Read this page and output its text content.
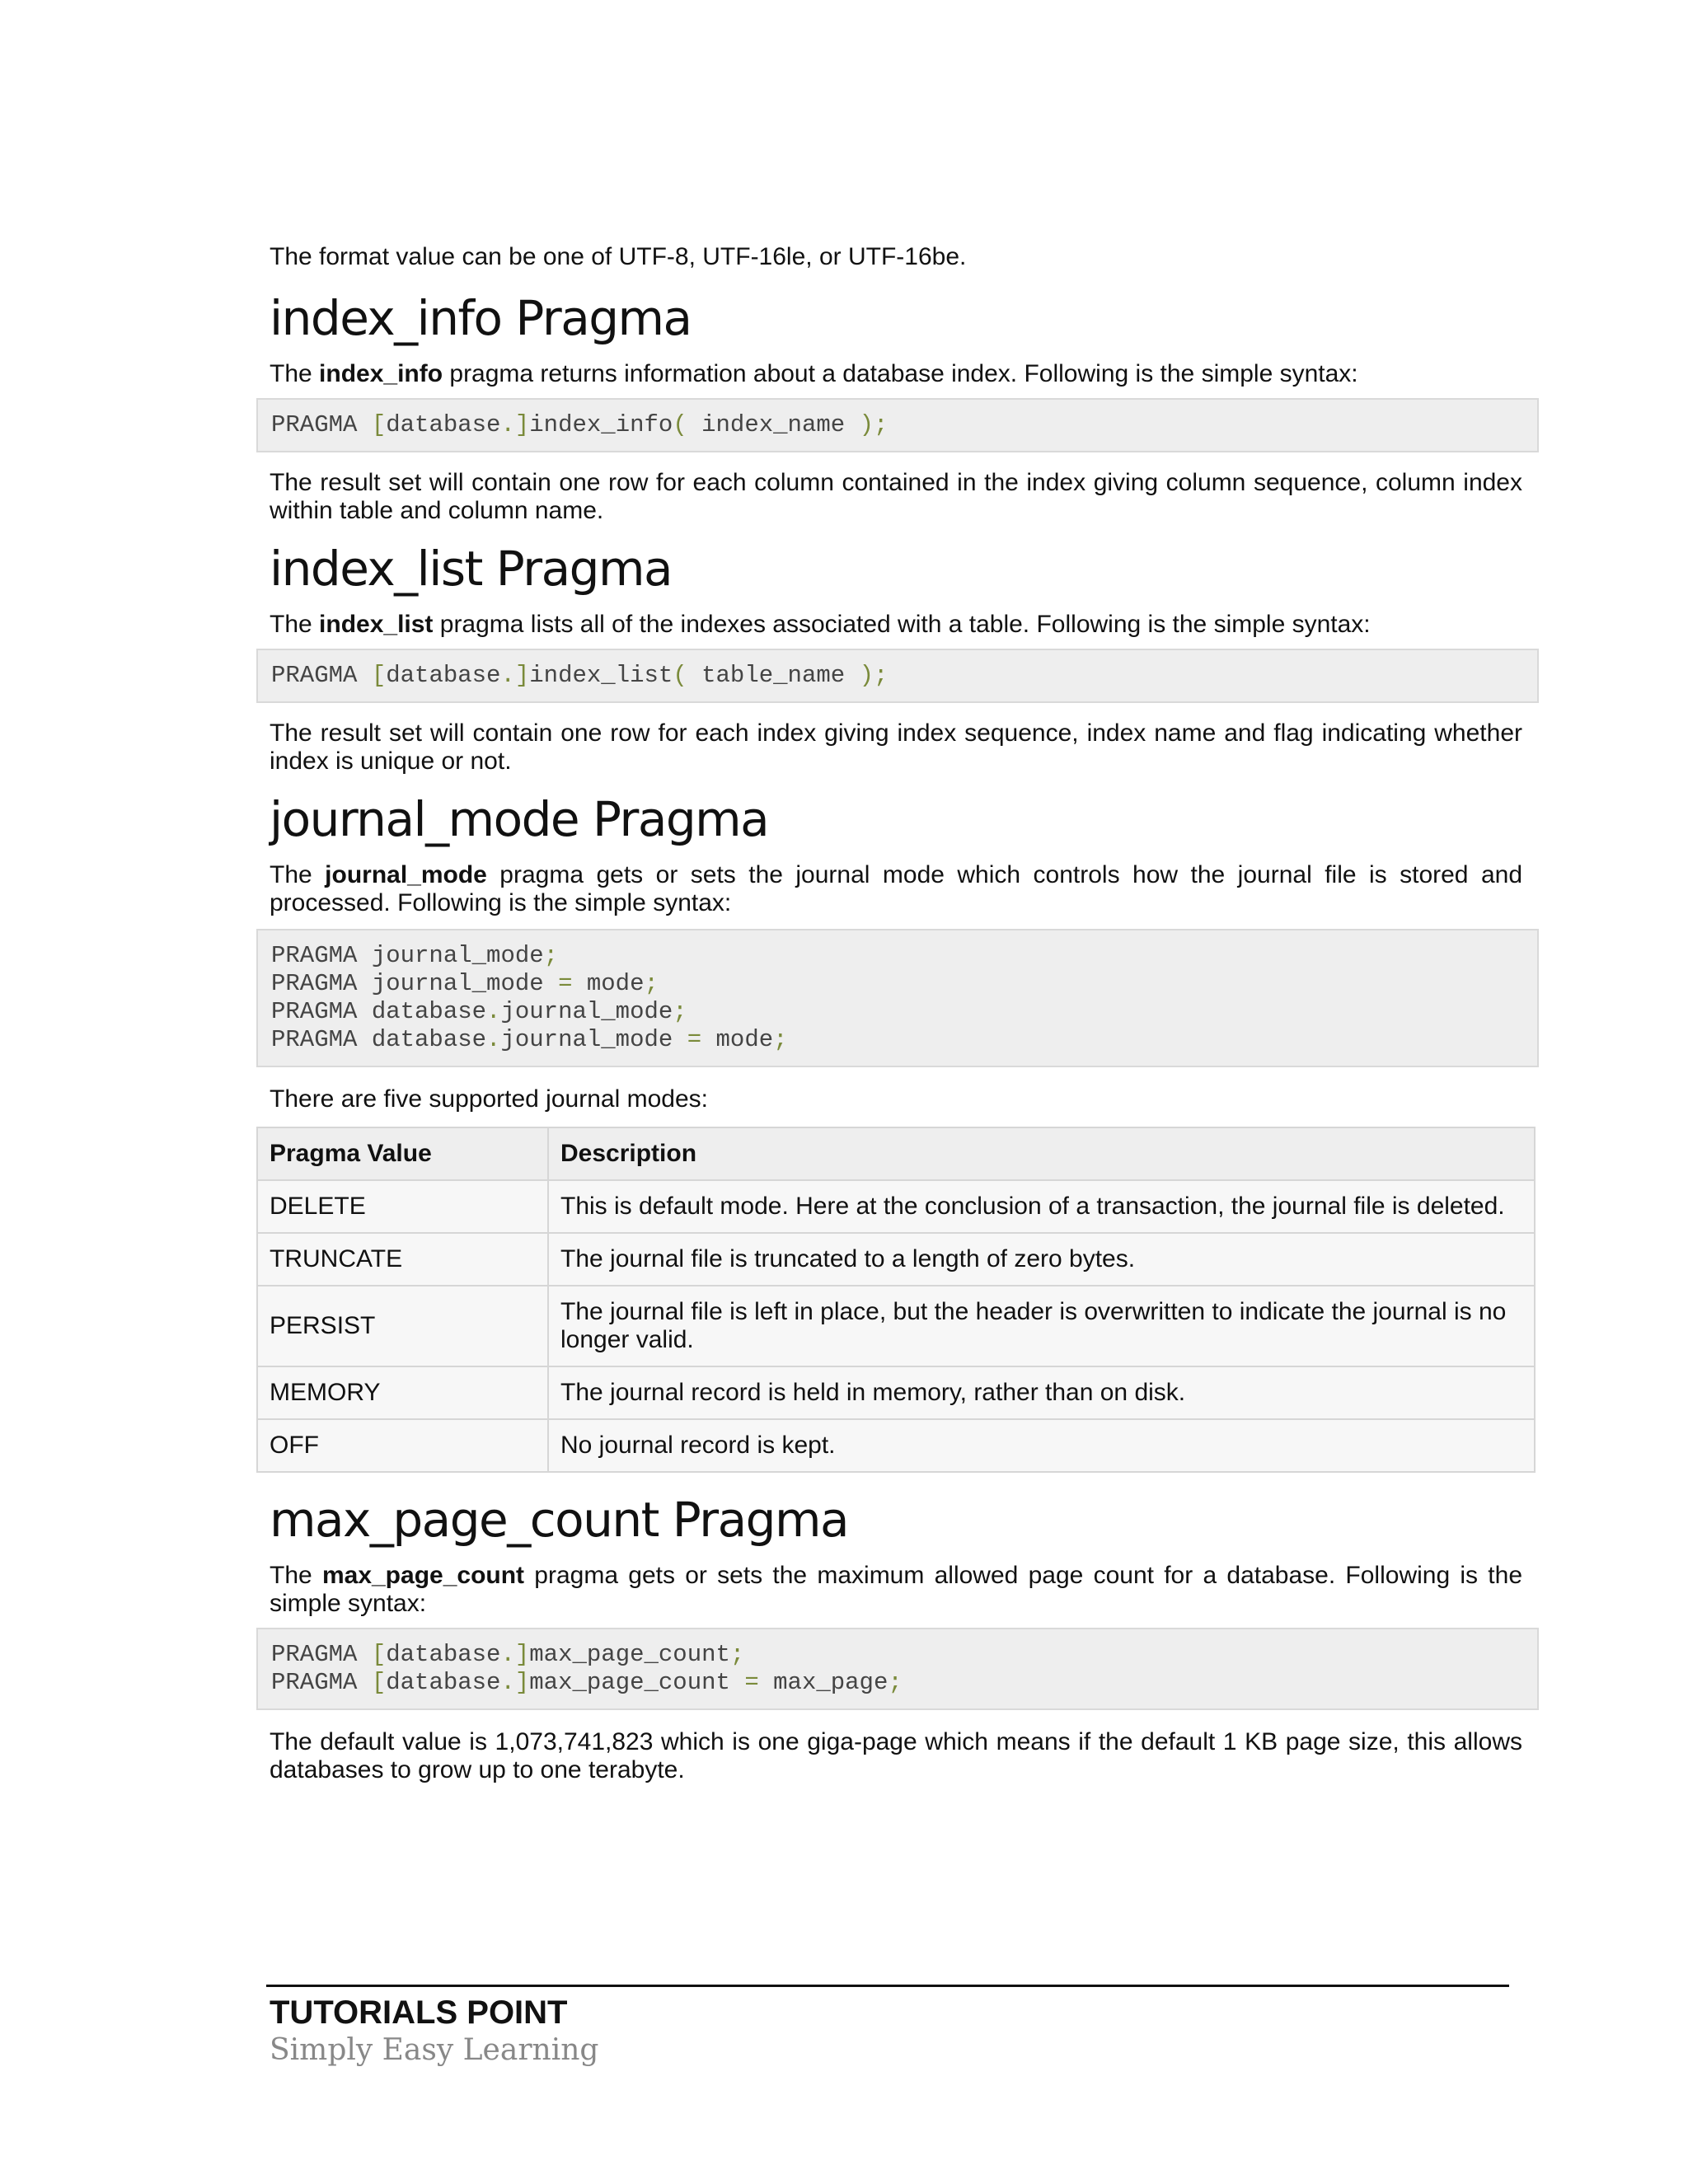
The format value can be one of UTF-8, UTF-16le, or UTF-16be.

index_info Pragma

The index_info pragma returns information about a database index. Following is the simple syntax:

PRAGMA [database.]index_info( index_name );

The result set will contain one row for each column contained in the index giving column sequence, column index within table and column name.

index_list Pragma

The index_list pragma lists all of the indexes associated with a table. Following is the simple syntax:

PRAGMA [database.]index_list( table_name );

The result set will contain one row for each index giving index sequence, index name and flag indicating whether index is unique or not.

journal_mode Pragma

The journal_mode pragma gets or sets the journal mode which controls how the journal file is stored and processed. Following is the simple syntax:

PRAGMA journal_mode;
PRAGMA journal_mode = mode;
PRAGMA database.journal_mode;
PRAGMA database.journal_mode = mode;

There are five supported journal modes:

Pragma Value	Description
DELETE	This is default mode. Here at the conclusion of a transaction, the journal file is deleted.
TRUNCATE	The journal file is truncated to a length of zero bytes.
PERSIST	The journal file is left in place, but the header is overwritten to indicate the journal is no longer valid.
MEMORY	The journal record is held in memory, rather than on disk.
OFF	No journal record is kept.
max_page_count Pragma

The max_page_count pragma gets or sets the maximum allowed page count for a database. Following is the simple syntax:

PRAGMA [database.]max_page_count;
PRAGMA [database.]max_page_count = max_page;

The default value is 1,073,741,823 which is one giga-page which means if the default 1 KB page size, this allows databases to grow up to one terabyte.

TUTORIALS POINT
Simply Easy Learning
